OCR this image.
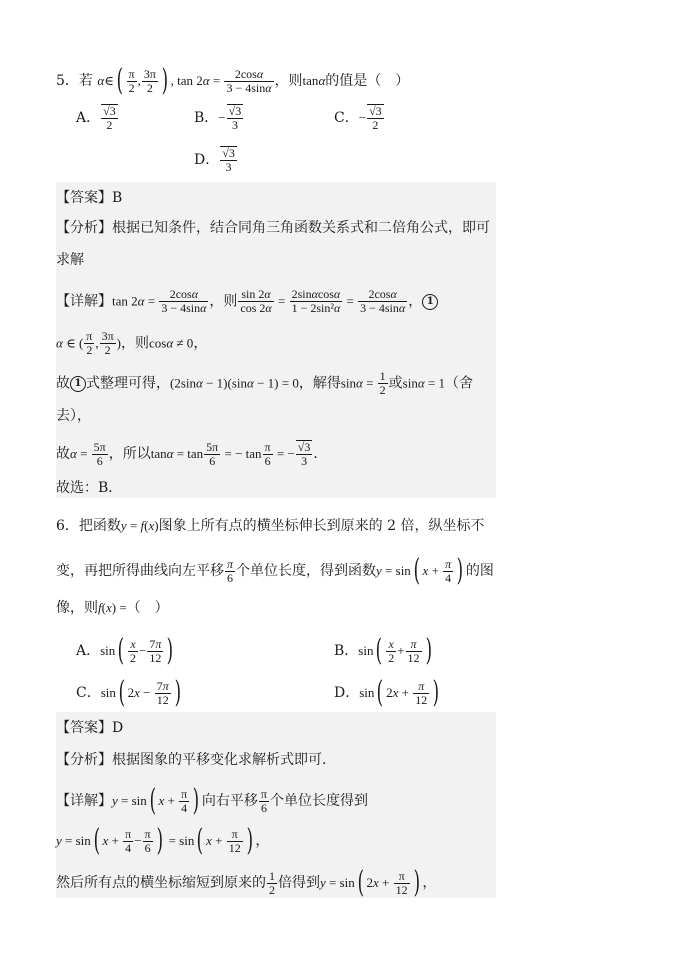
5．若 α∈( $\frac{\pi}{2}$ , $\frac{3\pi}{2}$ ) , $\tan 2\alpha = \frac{2\cos\alpha}{3 - 4\sin\alpha}$ ，则tanα的值是（　）
A． $\frac{√3}{2}$	B．− $\frac{√3}{3}$	C．− $\frac{√3}{2}$
D． $\frac{√3}{3}$
【答案】B
【分析】根据已知条件，结合同角三角函数关系式和二倍角公式，即可
求解
【详解】$\tan 2\alpha = \frac{2\cos\alpha}{3 - 4\sin\alpha}$ ，则 $\frac{\sin 2\alpha}{\cos 2\alpha} = \frac{2\sin\alpha\cos\alpha}{\text{1 − 2sin²α}} = \frac{2\cos\alpha}{3 - 4\sin\alpha}$ ， 1
α ∈ ( $\frac{\pi}{2}$ , $\frac{3\pi}{2}$ )，则cosα ≠ 0，
故 1 式整理可得，(2sinα − 1)(sinα − 1) = 0，解得$\sin\alpha = \frac{1}{2}$ 或sinα = 1（舍
去），
故$\alpha = \frac{5\pi}{6}$ ，所以$\tan\alpha = \tan \frac{5\pi}{6}$ = − $\tan \frac{\pi}{6}$ = − $\frac{√3}{3}$ ．
故选：B．
6．把函数y = f(x)图象上所有点的横坐标伸长到原来的 2 倍，纵坐标不
变，再把所得曲线向左平移 $\frac{\pi}{6}$ 个单位长度，得到函数y = sin( $x + \frac{\pi}{4}$ ) 的图
像，则f(x) =（　）
A．$\sin( \frac{x}{2} - \frac{7\pi}{12}$ )	B．$\sin( \frac{x}{2} + \frac{\pi}{12}$ )
C．sin( $2x - \frac{7\pi}{12}$ )	D．sin( $2x + \frac{\pi}{12}$ )
【答案】D
【分析】根据图象的平移变化求解析式即可.
【详解】y = sin( $x + \frac{\pi}{4}$ ) 向右平移 $\frac{\pi}{6}$ 个单位长度得到
y = sin( $x + \frac{\pi}{4} - \frac{\pi}{6}$ ) = sin( $x + \frac{\pi}{12}$ ) ，
然后所有点的横坐标缩短到原来的 $\frac{1}{2}$ 倍得到y = sin( $2x + \frac{\pi}{12}$ ) ，
